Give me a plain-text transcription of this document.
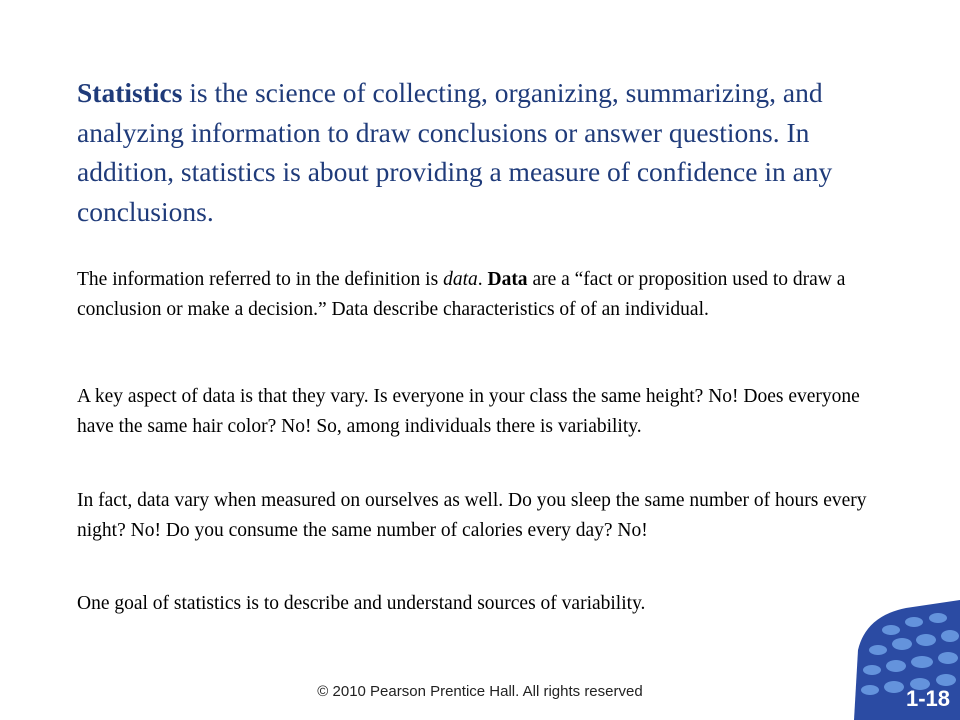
Statistics is the science of collecting, organizing, summarizing, and analyzing information to draw conclusions or answer questions. In addition, statistics is about providing a measure of confidence in any conclusions.

The information referred to in the definition is data. Data are a “fact or proposition used to draw a conclusion or make a decision.” Data describe characteristics of of an individual.

A key aspect of data is that they vary. Is everyone in your class the same height? No! Does everyone have the same hair color? No! So, among individuals there is variability.

In fact, data vary when measured on ourselves as well. Do you sleep the same number of hours every night? No! Do you consume the same number of calories every day? No!

One goal of statistics is to describe and understand sources of variability.

© 2010 Pearson Prentice Hall. All rights reserved	1-18
